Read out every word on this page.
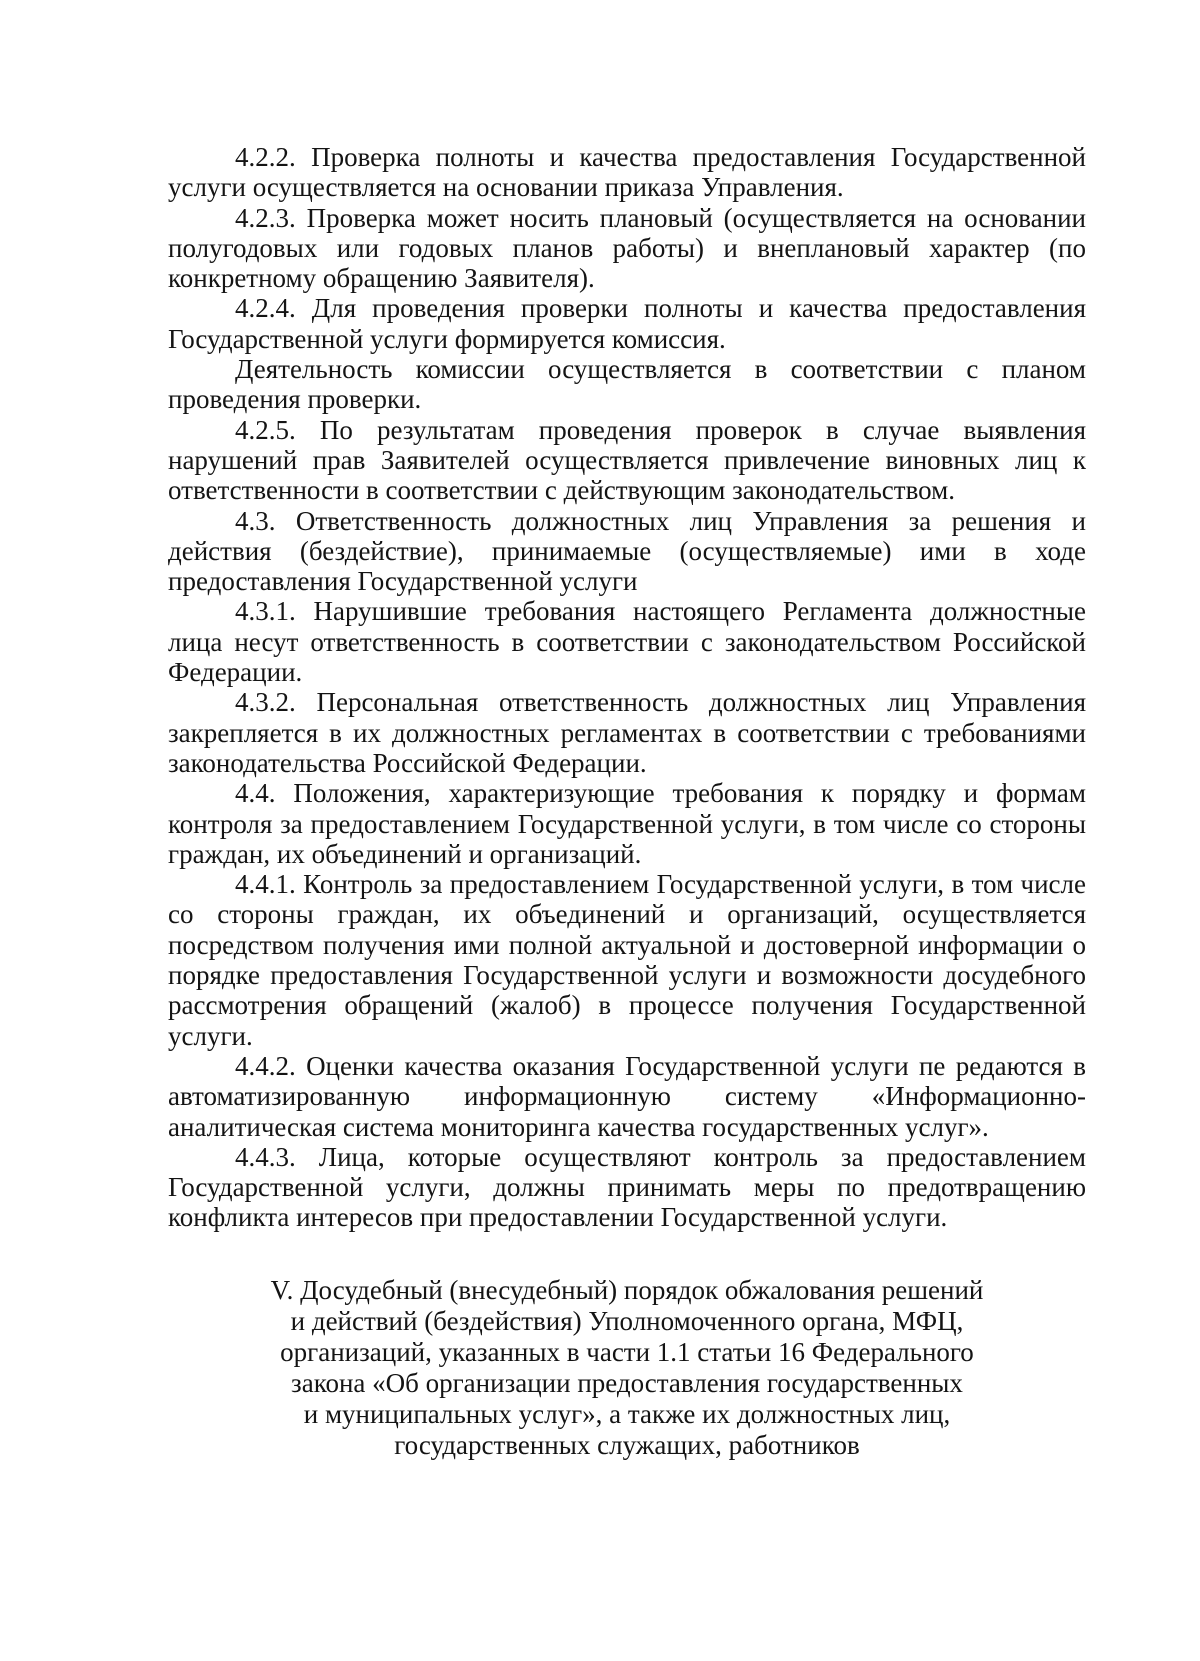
4.2.2. Проверка полноты и качества предоставления Государственной услуги осуществляется на основании приказа Управления.

4.2.3. Проверка может носить плановый (осуществляется на основании полугодовых или годовых планов работы) и внеплановый характер (по конкретному обращению Заявителя).

4.2.4. Для проведения проверки полноты и качества предоставления Государственной услуги формируется комиссия.

Деятельность комиссии осуществляется в соответствии с планом проведения проверки.

4.2.5. По результатам проведения проверок в случае выявления нарушений прав Заявителей осуществляется привлечение виновных лиц к ответственности в соответствии с действующим законодательством.

4.3. Ответственность должностных лиц Управления за решения и действия (бездействие), принимаемые (осуществляемые) ими в ходе предоставления Государственной услуги

4.3.1. Нарушившие требования настоящего Регламента должностные лица несут ответственность в соответствии с законодательством Российской Федерации.

4.3.2. Персональная ответственность должностных лиц Управления закрепляется в их должностных регламентах в соответствии с требованиями законодательства Российской Федерации.

4.4. Положения, характеризующие требования к порядку и формам контроля за предоставлением Государственной услуги, в том числе со стороны граждан, их объединений и организаций.

4.4.1. Контроль за предоставлением Государственной услуги, в том числе со стороны граждан, их объединений и организаций, осуществляется посредством получения ими полной актуальной и достоверной информации о порядке предоставления Государственной услуги и возможности досудебного рассмотрения обращений (жалоб) в процессе получения Государственной услуги.

4.4.2. Оценки качества оказания Государственной услуги пе редаются в автоматизированную информационную систему «Информационно-аналитическая система мониторинга качества государственных услуг».

4.4.3. Лица, которые осуществляют контроль за предоставлением Государственной услуги, должны принимать меры по предотвращению конфликта интересов при предоставлении Государственной услуги.

V. Досудебный (внесудебный) порядок обжалования решений
и действий (бездействия) Уполномоченного органа, МФЦ,
организаций, указанных в части 1.1 статьи 16 Федерального
закона «Об организации предоставления государственных
и муниципальных услуг», а также их должностных лиц,
государственных служащих, работников
